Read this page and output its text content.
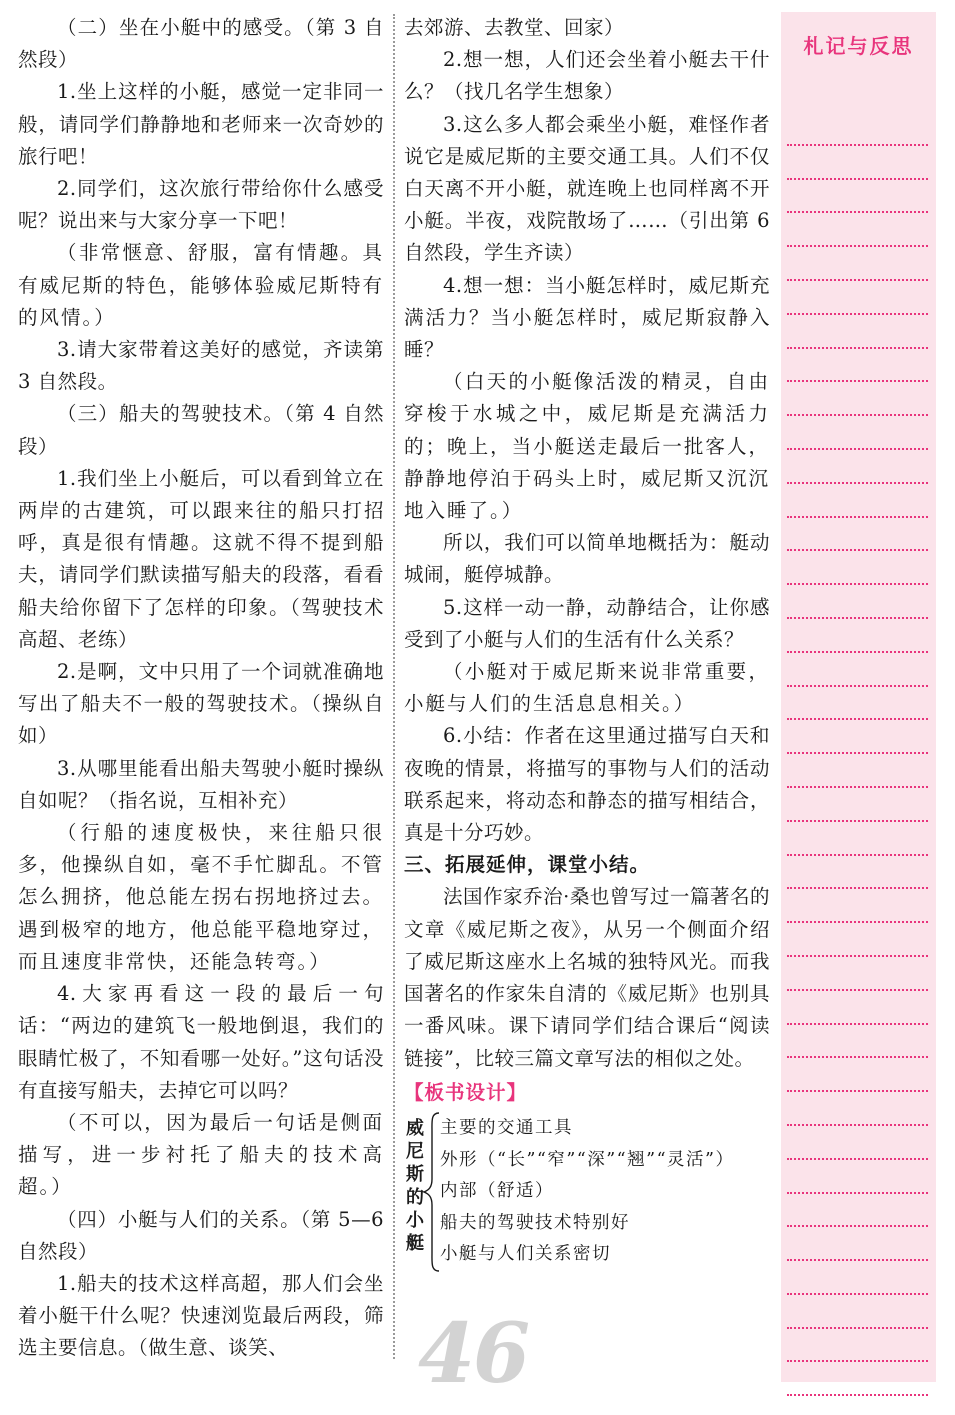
（二）坐在小艇中的感受。（第 3 自然段）

1.坐上这样的小艇，感觉一定非同一般，请同学们静静地和老师来一次奇妙的旅行吧！

2.同学们，这次旅行带给你什么感受呢？说出来与大家分享一下吧！

（非常惬意、舒服，富有情趣。具有威尼斯的特色，能够体验威尼斯特有的风情。）

3.请大家带着这美好的感觉，齐读第 3 自然段。

（三）船夫的驾驶技术。（第 4 自然段）

1.我们坐上小艇后，可以看到耸立在两岸的古建筑，可以跟来往的船只打招呼，真是很有情趣。这就不得不提到船夫，请同学们默读描写船夫的段落，看看船夫给你留下了怎样的印象。（驾驶技术高超、老练）

2.是啊，文中只用了一个词就准确地写出了船夫不一般的驾驶技术。（操纵自如）

3.从哪里能看出船夫驾驶小艇时操纵自如呢？（指名说，互相补充）

（行船的速度极快，来往船只很多，他操纵自如，毫不手忙脚乱。不管怎么拥挤，他总能左拐右拐地挤过去。遇到极窄的地方，他总能平稳地穿过，而且速度非常快，还能急转弯。）

4.大家再看这一段的最后一句话：“两边的建筑飞一般地倒退，我们的眼睛忙极了，不知看哪一处好。”这句话没有直接写船夫，去掉它可以吗？

（不可以，因为最后一句话是侧面描写，进一步衬托了船夫的技术高超。）

（四）小艇与人们的关系。（第 5—6 自然段）

1.船夫的技术这样高超，那人们会坐着小艇干什么呢？快速浏览最后两段，筛选主要信息。（做生意、谈笑、

去郊游、去教堂、回家）

2.想一想，人们还会坐着小艇去干什么？（找几名学生想象）

3.这么多人都会乘坐小艇，难怪作者说它是威尼斯的主要交通工具。人们不仅白天离不开小艇，就连晚上也同样离不开小艇。半夜，戏院散场了……（引出第 6 自然段，学生齐读）

4.想一想：当小艇怎样时，威尼斯充满活力？当小艇怎样时，威尼斯寂静入睡？

（白天的小艇像活泼的精灵，自由穿梭于水城之中，威尼斯是充满活力的；晚上，当小艇送走最后一批客人，静静地停泊于码头上时，威尼斯又沉沉地入睡了。）

所以，我们可以简单地概括为：艇动城闹，艇停城静。

5.这样一动一静，动静结合，让你感受到了小艇与人们的生活有什么关系？

（小艇对于威尼斯来说非常重要，小艇与人们的生活息息相关。）

6.小结：作者在这里通过描写白天和夜晚的情景，将描写的事物与人们的活动联系起来，将动态和静态的描写相结合，真是十分巧妙。

三、拓展延伸，课堂小结。

法国作家乔治·桑也曾写过一篇著名的文章《威尼斯之夜》，从另一个侧面介绍了威尼斯这座水上名城的独特风光。而我国著名的作家朱自清的《威尼斯》也别具一番风味。课下请同学们结合课后“阅读链接”，比较三篇文章写法的相似之处。

【板书设计】
威尼斯的小艇
主要的交通工具
外形（“长”“窄”“深”“翘”“灵活”）
内部（舒适）
船夫的驾驶技术特别好
小艇与人们关系密切
46
札记与反思
